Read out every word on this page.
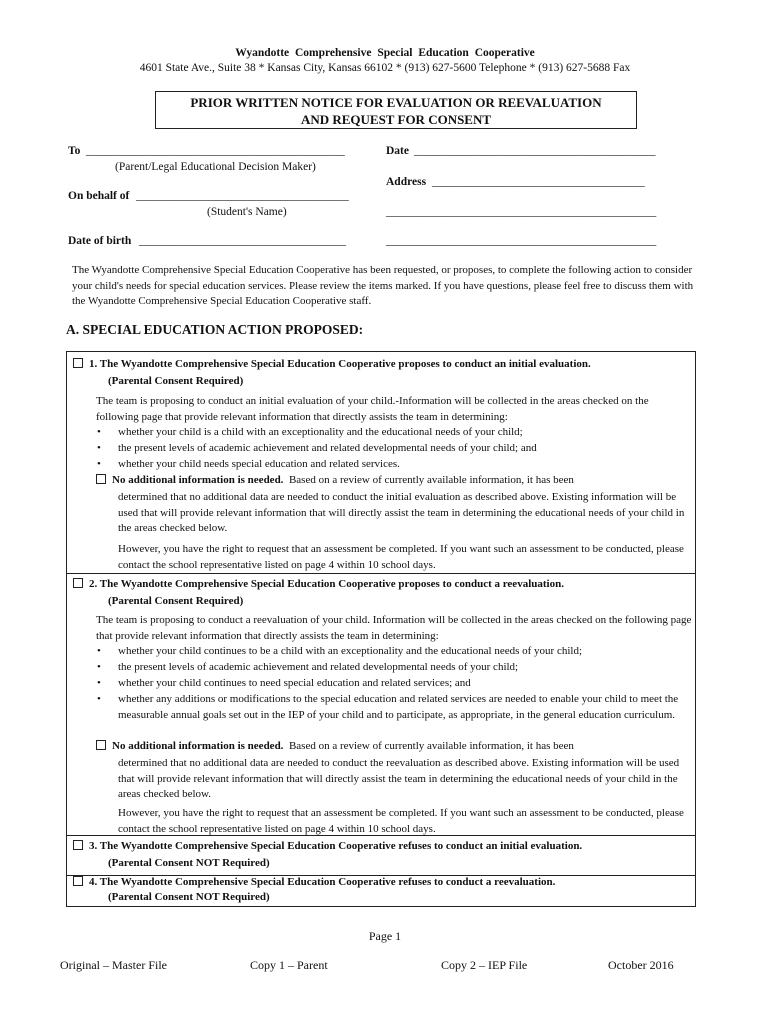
Wyandotte Comprehensive Special Education Cooperative
4601 State Ave., Suite 38 * Kansas City, Kansas 66102 * (913) 627-5600 Telephone * (913) 627-5688 Fax
PRIOR WRITTEN NOTICE FOR EVALUATION OR REEVALUATION
AND REQUEST FOR CONSENT
To _____________________________________________
(Parent/Legal Educational Decision Maker)
Date __________________________________________
Address _____________________________________
On behalf of _____________________________________
(Student's Name)	_______________________________________________
Date of birth ____________________________________	_______________________________________________
The Wyandotte Comprehensive Special Education Cooperative has been requested, or proposes, to complete the following action to consider your child's needs for special education services. Please review the items marked. If you have questions, please feel free to discuss them with the Wyandotte Comprehensive Special Education Cooperative staff.
A. SPECIAL EDUCATION ACTION PROPOSED:
1. The Wyandotte Comprehensive Special Education Cooperative proposes to conduct an initial evaluation.
(Parental Consent Required)
The team is proposing to conduct an initial evaluation of your child.-Information will be collected in the areas checked on the following page that provide relevant information that directly assists the team in determining:
• whether your child is a child with an exceptionality and the educational needs of your child;
• the present levels of academic achievement and related developmental needs of your child; and
• whether your child needs special education and related services.
No additional information is needed. Based on a review of currently available information, it has been
determined that no additional data are needed to conduct the initial evaluation as described above. Existing information will be used that will provide relevant information that will directly assist the team in determining the educational needs of your child in the areas checked below.
However, you have the right to request that an assessment be completed. If you want such an assessment to be conducted, please contact the school representative listed on page 4 within 10 school days.
2. The Wyandotte Comprehensive Special Education Cooperative proposes to conduct a reevaluation.
(Parental Consent Required)
The team is proposing to conduct a reevaluation of your child. Information will be collected in the areas checked on the following page that provide relevant information that directly assists the team in determining:
• whether your child continues to be a child with an exceptionality and the educational needs of your child;
• the present levels of academic achievement and related developmental needs of your child;
• whether your child continues to need special education and related services; and
• whether any additions or modifications to the special education and related services are needed to enable your child to meet the measurable annual goals set out in the IEP of your child and to participate, as appropriate, in the general education curriculum.
No additional information is needed. Based on a review of currently available information, it has been
determined that no additional data are needed to conduct the reevaluation as described above. Existing information will be used that will provide relevant information that will directly assist the team in determining the educational needs of your child in the areas checked below.
However, you have the right to request that an assessment be completed. If you want such an assessment to be conducted, please contact the school representative listed on page 4 within 10 school days.
3. The Wyandotte Comprehensive Special Education Cooperative refuses to conduct an initial evaluation.
(Parental Consent NOT Required)
4. The Wyandotte Comprehensive Special Education Cooperative refuses to conduct a reevaluation.
(Parental Consent NOT Required)
Page 1
Original – Master File	Copy 1 – Parent	Copy 2 – IEP File	October 2016
